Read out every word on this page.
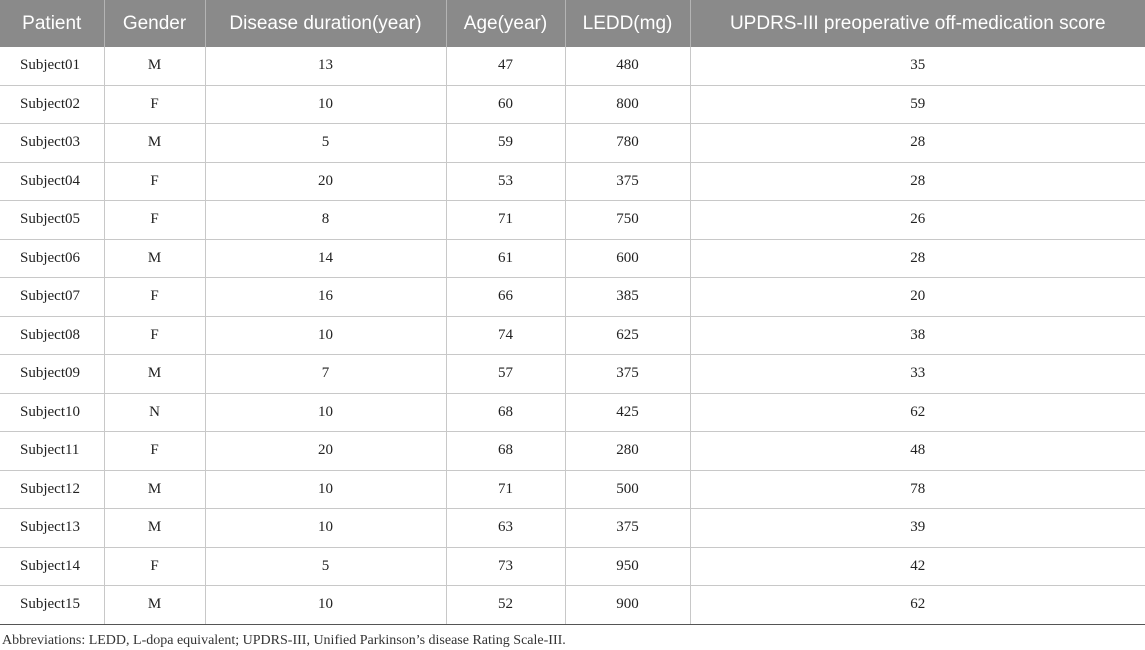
Patient	Gender	Disease duration(year)	Age(year)	LEDD(mg)	UPDRS-III preoperative off-medication score
Subject01	M	13	47	480	35
Subject02	F	10	60	800	59
Subject03	M	5	59	780	28
Subject04	F	20	53	375	28
Subject05	F	8	71	750	26
Subject06	M	14	61	600	28
Subject07	F	16	66	385	20
Subject08	F	10	74	625	38
Subject09	M	7	57	375	33
Subject10	N	10	68	425	62
Subject11	F	20	68	280	48
Subject12	M	10	71	500	78
Subject13	M	10	63	375	39
Subject14	F	5	73	950	42
Subject15	M	10	52	900	62
Abbreviations: LEDD, L-dopa equivalent; UPDRS-III, Unified Parkinson’s disease Rating Scale-III.
